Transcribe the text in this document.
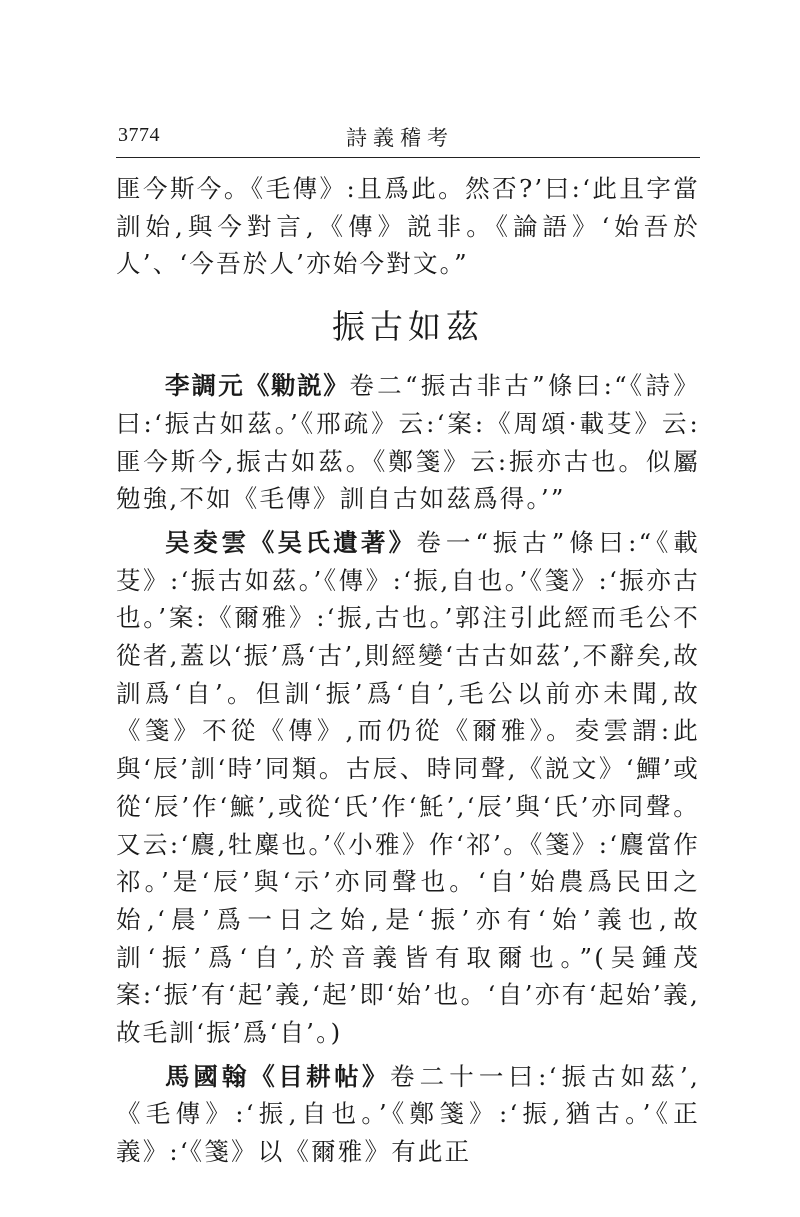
3774	詩義稽考

匪今斯今。《毛傳》:且爲此。然否?’曰:‘此且字當訓始,與今對言,《傳》説非。《論語》‘始吾於人’、‘今吾於人’亦始今對文。”

振古如茲

李調元《勦説》卷二“振古非古”條曰:“《詩》曰:‘振古如茲。’《邢疏》云:‘案:《周頌·載芟》云:匪今斯今,振古如茲。《鄭箋》云:振亦古也。似屬勉強,不如《毛傳》訓自古如茲爲得。’”

吴夌雲《吴氏遺著》卷一“振古”條曰:“《載芟》:‘振古如茲。’《傳》:‘振,自也。’《箋》:‘振亦古也。’案:《爾雅》:‘振,古也。’郭注引此經而毛公不從者,蓋以‘振’爲‘古’,則經變‘古古如茲’,不辭矣,故訓爲‘自’。但訓‘振’爲‘自’,毛公以前亦未聞,故《箋》不從《傳》,而仍從《爾雅》。夌雲謂:此與‘辰’訓‘時’同類。古辰、時同聲,《説文》‘鱓’或從‘辰’作‘鯳’,或從‘氏’作‘魠’,‘辰’與‘氏’亦同聲。又云:‘麎,牡麋也。’《小雅》作‘祁’。《箋》:‘麎當作祁。’是‘辰’與‘示’亦同聲也。‘自’始農爲民田之始,‘晨’爲一日之始,是‘振’亦有‘始’義也,故訓‘振’爲‘自’,於音義皆有取爾也。”(吴鍾茂案:‘振’有‘起’義,‘起’即‘始’也。‘自’亦有‘起始’義,故毛訓‘振’爲‘自’。)

馬國翰《目耕帖》卷二十一曰:‘振古如茲’,《毛傳》:‘振,自也。’《鄭箋》:‘振,猶古。’《正義》:‘《箋》以《爾雅》有此正
